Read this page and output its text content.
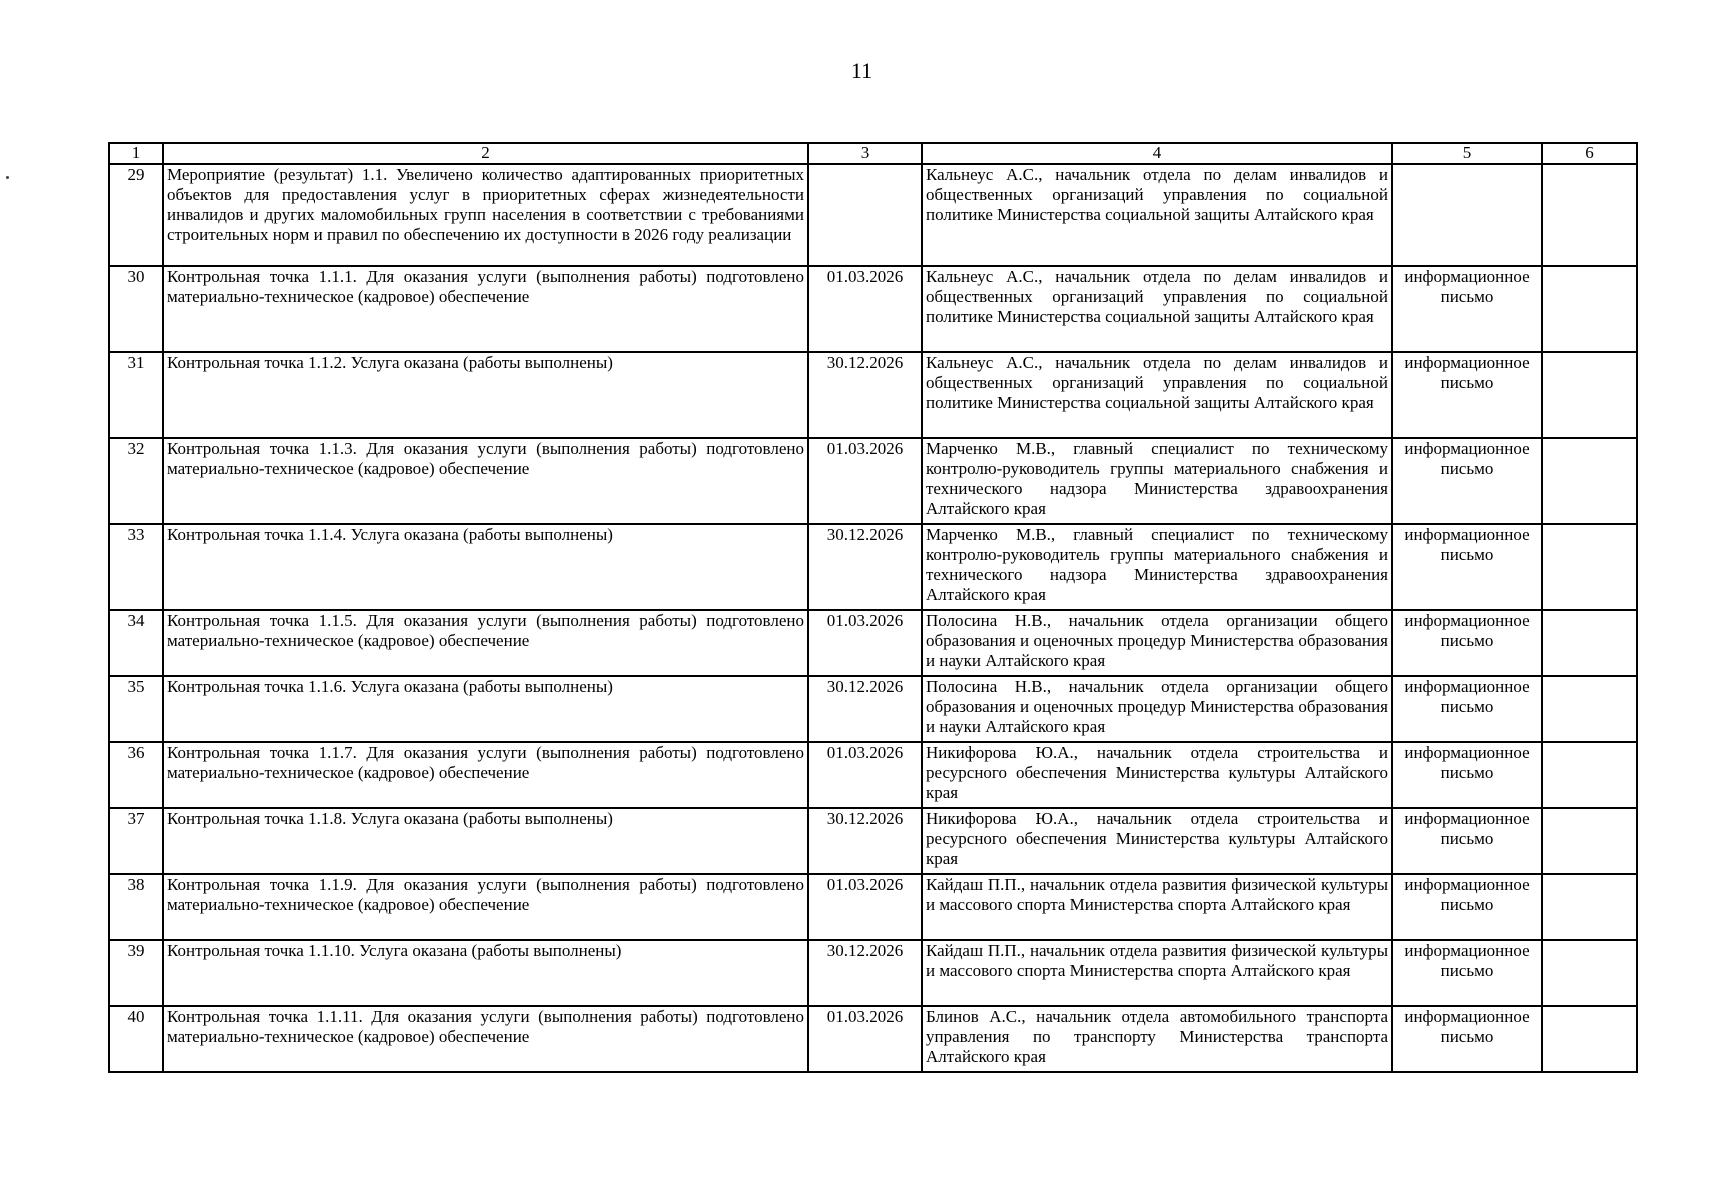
11
1	2	3	4	5	6
29	Мероприятие (результат) 1.1. Увеличено количество адаптированных приоритетных объектов для предоставления услуг в приоритетных сферах жизнедеятельности инвалидов и других маломобильных групп населения в соответствии с требованиями строительных норм и правил по обеспечению их доступности в 2026 году реализации		Кальнеус А.С., начальник отдела по делам инвалидов и общественных организаций управления по социальной политике Министерства социальной защиты Алтайского края		
30	Контрольная точка 1.1.1. Для оказания услуги (выполнения работы) подготовлено материально-техническое (кадровое) обеспечение	01.03.2026	Кальнеус А.С., начальник отдела по делам инвалидов и общественных организаций управления по социальной политике Министерства социальной защиты Алтайского края	информационное письмо	
31	Контрольная точка 1.1.2. Услуга оказана (работы выполнены)	30.12.2026	Кальнеус А.С., начальник отдела по делам инвалидов и общественных организаций управления по социальной политике Министерства социальной защиты Алтайского края	информационное письмо	
32	Контрольная точка 1.1.3. Для оказания услуги (выполнения работы) подготовлено материально-техническое (кадровое) обеспечение	01.03.2026	Марченко М.В., главный специалист по техническому контролю-руководитель группы материального снабжения и технического надзора Министерства здравоохранения Алтайского края	информационное письмо	
33	Контрольная точка 1.1.4. Услуга оказана (работы выполнены)	30.12.2026	Марченко М.В., главный специалист по техническому контролю-руководитель группы материального снабжения и технического надзора Министерства здравоохранения Алтайского края	информационное письмо	
34	Контрольная точка 1.1.5. Для оказания услуги (выполнения работы) подготовлено материально-техническое (кадровое) обеспечение	01.03.2026	Полосина Н.В., начальник отдела организации общего образования и оценочных процедур Министерства образования и науки Алтайского края	информационное письмо	
35	Контрольная точка 1.1.6. Услуга оказана (работы выполнены)	30.12.2026	Полосина Н.В., начальник отдела организации общего образования и оценочных процедур Министерства образования и науки Алтайского края	информационное письмо	
36	Контрольная точка 1.1.7. Для оказания услуги (выполнения работы) подготовлено материально-техническое (кадровое) обеспечение	01.03.2026	Никифорова Ю.А., начальник отдела строительства и ресурсного обеспечения Министерства культуры Алтайского края	информационное письмо	
37	Контрольная точка 1.1.8. Услуга оказана (работы выполнены)	30.12.2026	Никифорова Ю.А., начальник отдела строительства и ресурсного обеспечения Министерства культуры Алтайского края	информационное письмо	
38	Контрольная точка 1.1.9. Для оказания услуги (выполнения работы) подготовлено материально-техническое (кадровое) обеспечение	01.03.2026	Кайдаш П.П., начальник отдела развития физической культуры и массового спорта Министерства спорта Алтайского края	информационное письмо	
39	Контрольная точка 1.1.10. Услуга оказана (работы выполнены)	30.12.2026	Кайдаш П.П., начальник отдела развития физической культуры и массового спорта Министерства спорта Алтайского края	информационное письмо	
40	Контрольная точка 1.1.11. Для оказания услуги (выполнения работы) подготовлено материально-техническое (кадровое) обеспечение	01.03.2026	Блинов А.С., начальник отдела автомобильного транспорта управления по транспорту Министерства транспорта Алтайского края	информационное письмо	
